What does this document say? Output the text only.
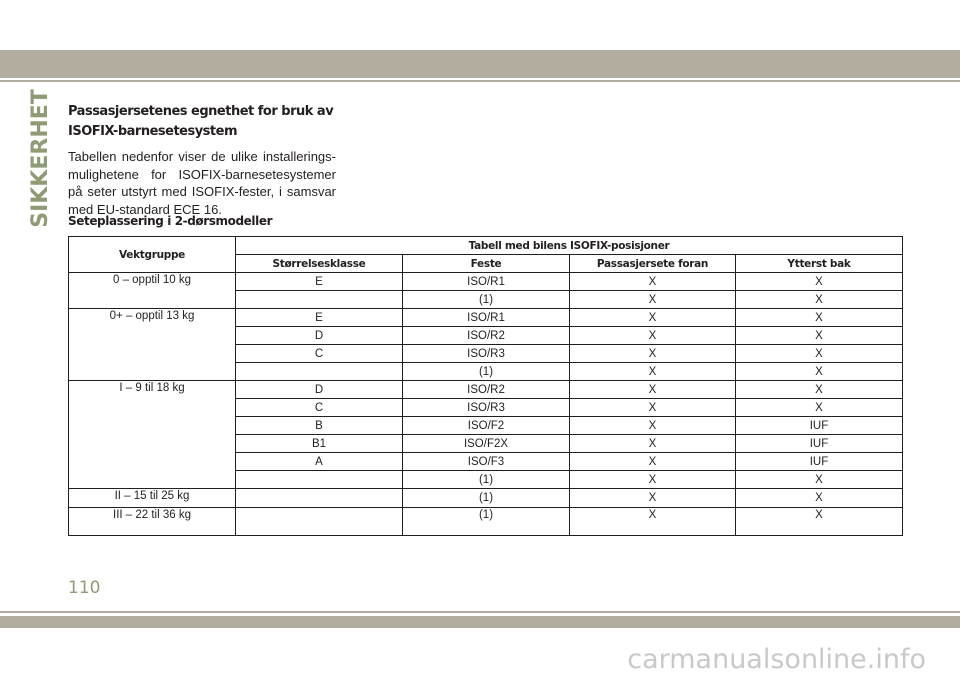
SIKKERHET Passasjersetenes egnethet for bruk av ISOFIX-barnesetesystem
Tabellen nedenfor viser de ulike installerings-mulighetene for ISOFIX-barnesetesystemer på seter utstyrt med ISOFIX-fester, i samsvar med EU-standard ECE 16.
Seteplassering i 2-dørsmodeller
Vektgruppe	Tabell med bilens ISOFIX-posisjoner			
	Størrelsesklasse	Feste	Passasjersete foran	Ytterst bak
0 – opptil 10 kg	E	ISO/R1	X	X
		(1)	X	X
0+ – opptil 13 kg	E	ISO/R1	X	X
	D	ISO/R2	X	X
	C	ISO/R3	X	X
		(1)	X	X
I – 9 til 18 kg	D	ISO/R2	X	X
	C	ISO/R3	X	X
	B	ISO/F2	X	IUF
	B1	ISO/F2X	X	IUF
	A	ISO/F3	X	IUF
		(1)	X	X
II – 15 til 25 kg		(1)	X	X
III – 22 til 36 kg		(1)	X	X
110
carmanualsonline.info
